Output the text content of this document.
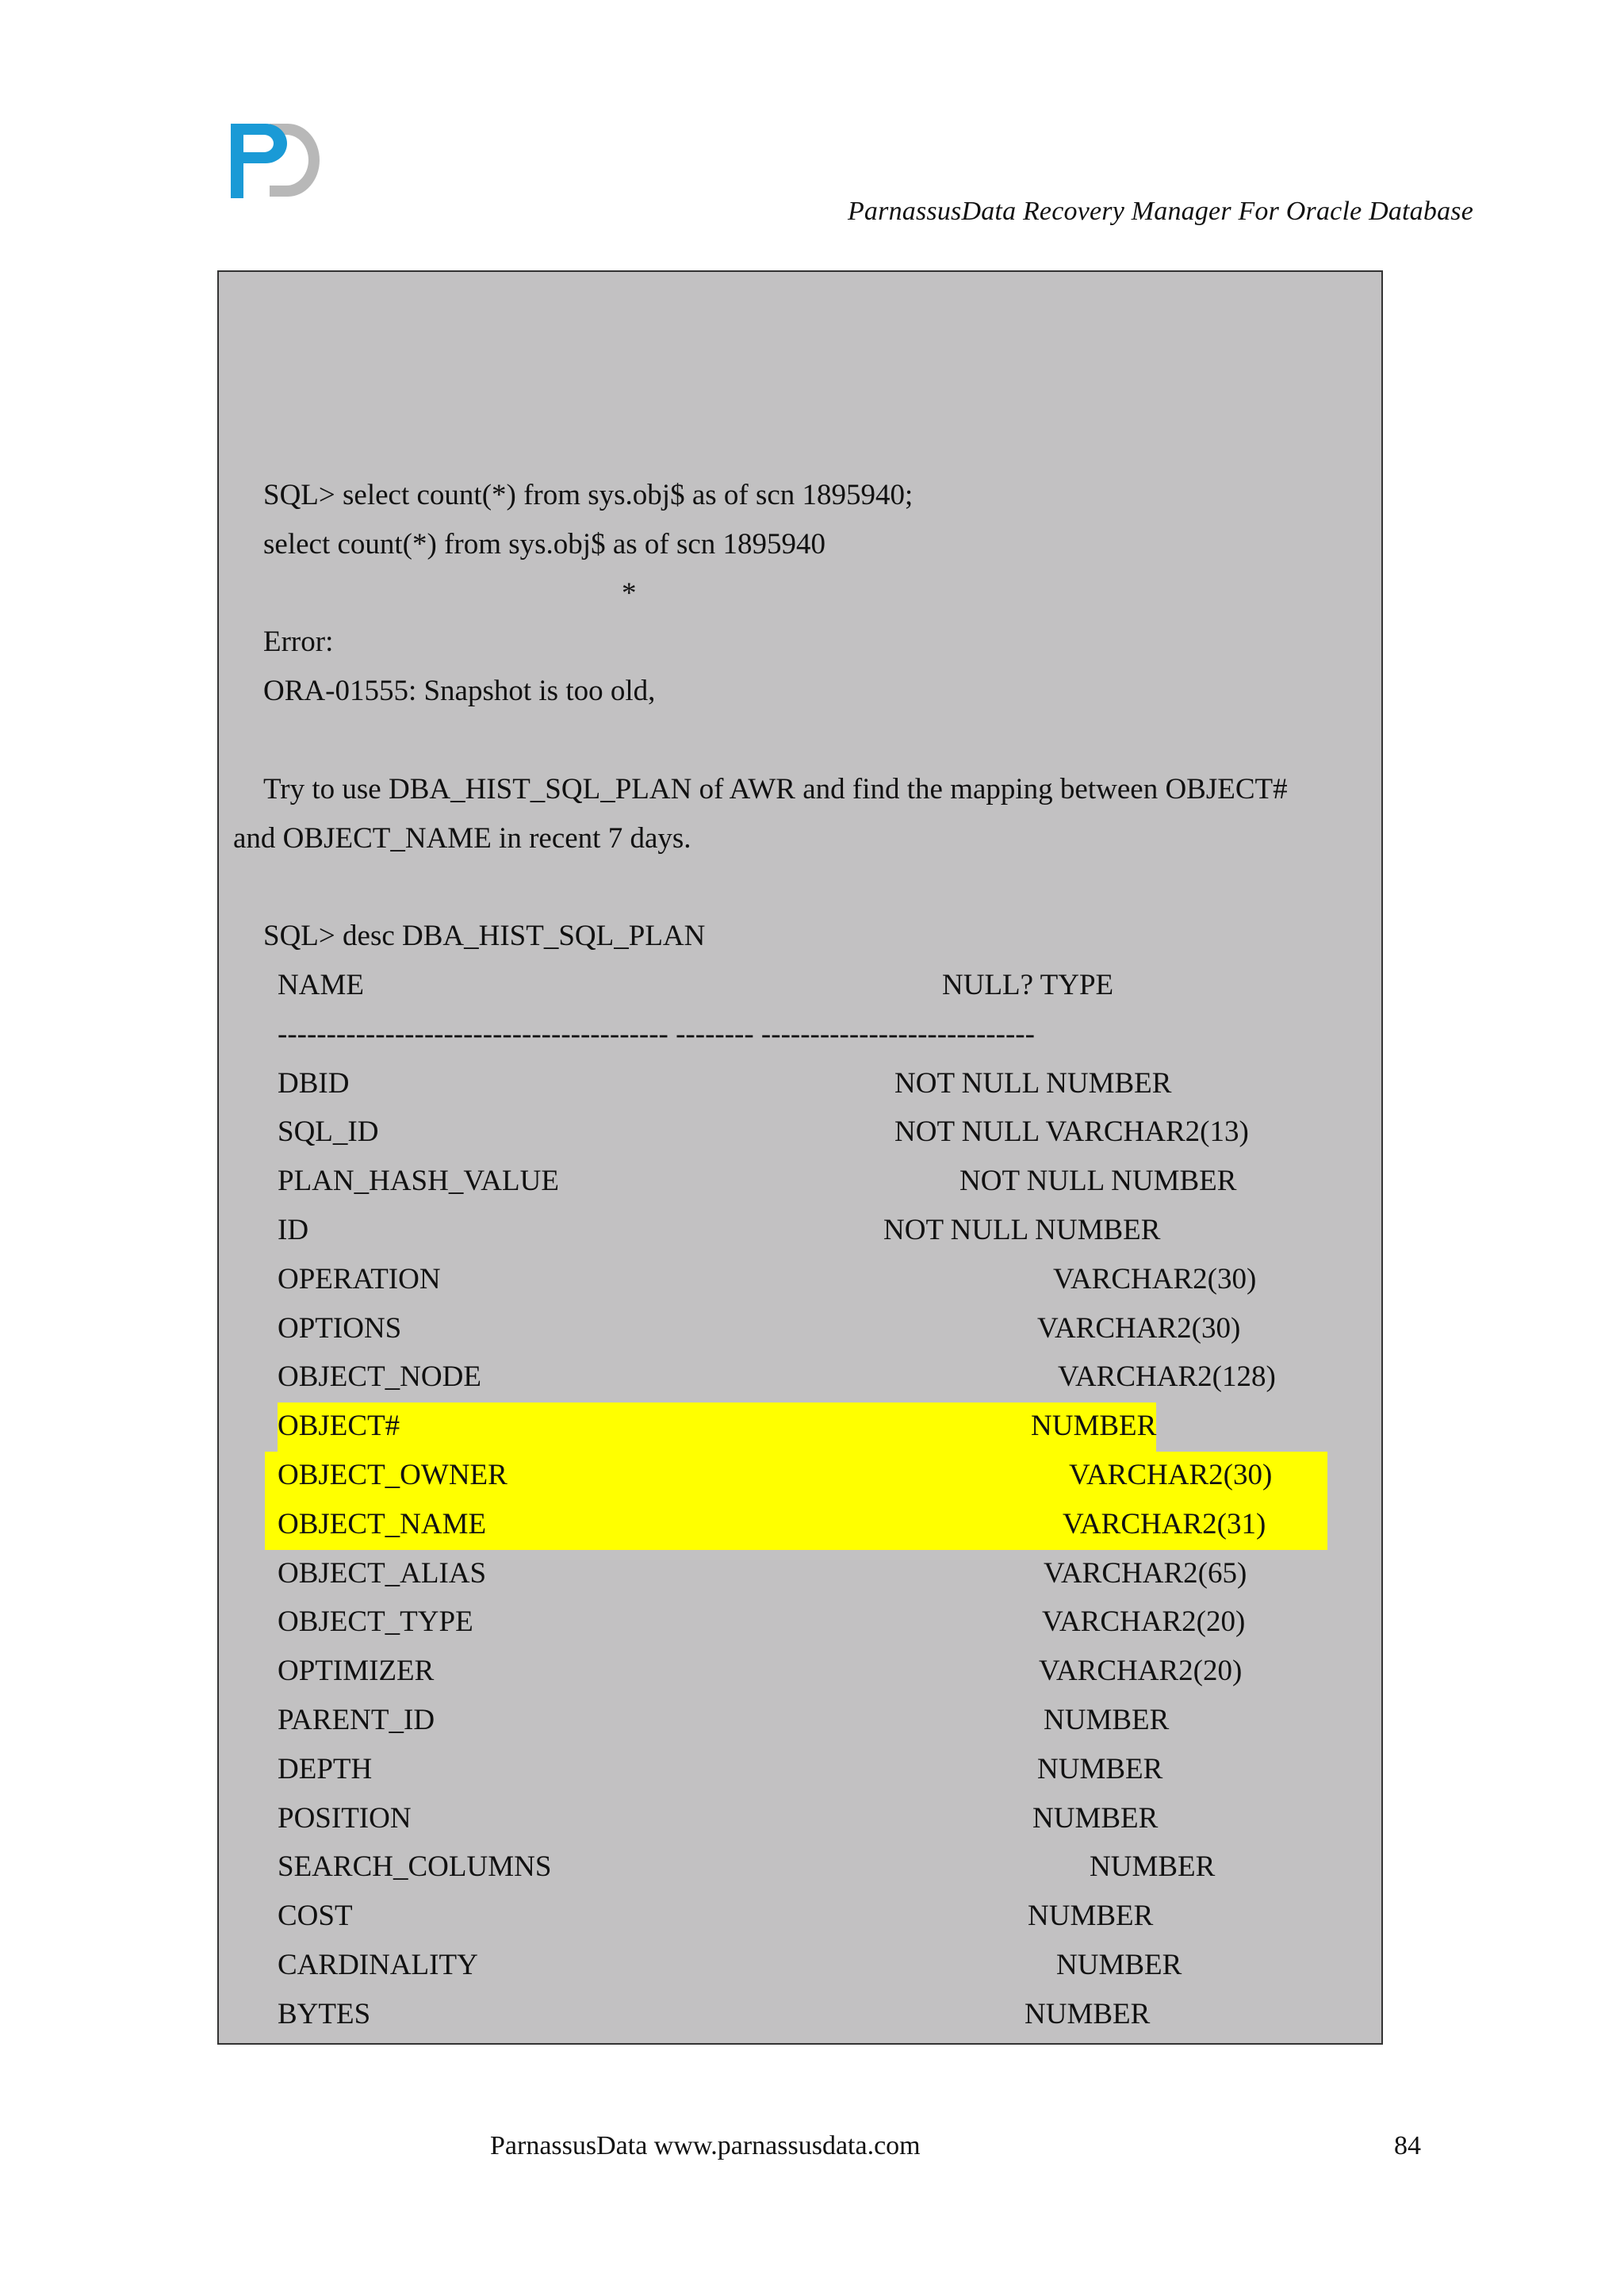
ParnassusData Recovery Manager For Oracle Database
SQL> select count(*) from sys.obj$ as of scn 1895940;
select count(*) from sys.obj$ as of scn 1895940
*
Error:
ORA-01555: Snapshot is too old,
Try to use DBA_HIST_SQL_PLAN of AWR and find the mapping between OBJECT#
and OBJECT_NAME in recent 7 days.
SQL> desc DBA_HIST_SQL_PLAN
NAME	NULL? TYPE
---------------------------------------- -------- ----------------------------
DBID	NOT NULL NUMBER
SQL_ID	NOT NULL VARCHAR2(13)
PLAN_HASH_VALUE	NOT NULL NUMBER
ID	NOT NULL NUMBER
OPERATION	VARCHAR2(30)
OPTIONS	VARCHAR2(30)
OBJECT_NODE	VARCHAR2(128)
OBJECT#	NUMBER
OBJECT_OWNER	VARCHAR2(30)
OBJECT_NAME	VARCHAR2(31)
OBJECT_ALIAS	VARCHAR2(65)
OBJECT_TYPE	VARCHAR2(20)
OPTIMIZER	VARCHAR2(20)
PARENT_ID	NUMBER
DEPTH	NUMBER
POSITION	NUMBER
SEARCH_COLUMNS	NUMBER
COST	NUMBER
CARDINALITY	NUMBER
BYTES	NUMBER
ParnassusData www.parnassusdata.com	84
